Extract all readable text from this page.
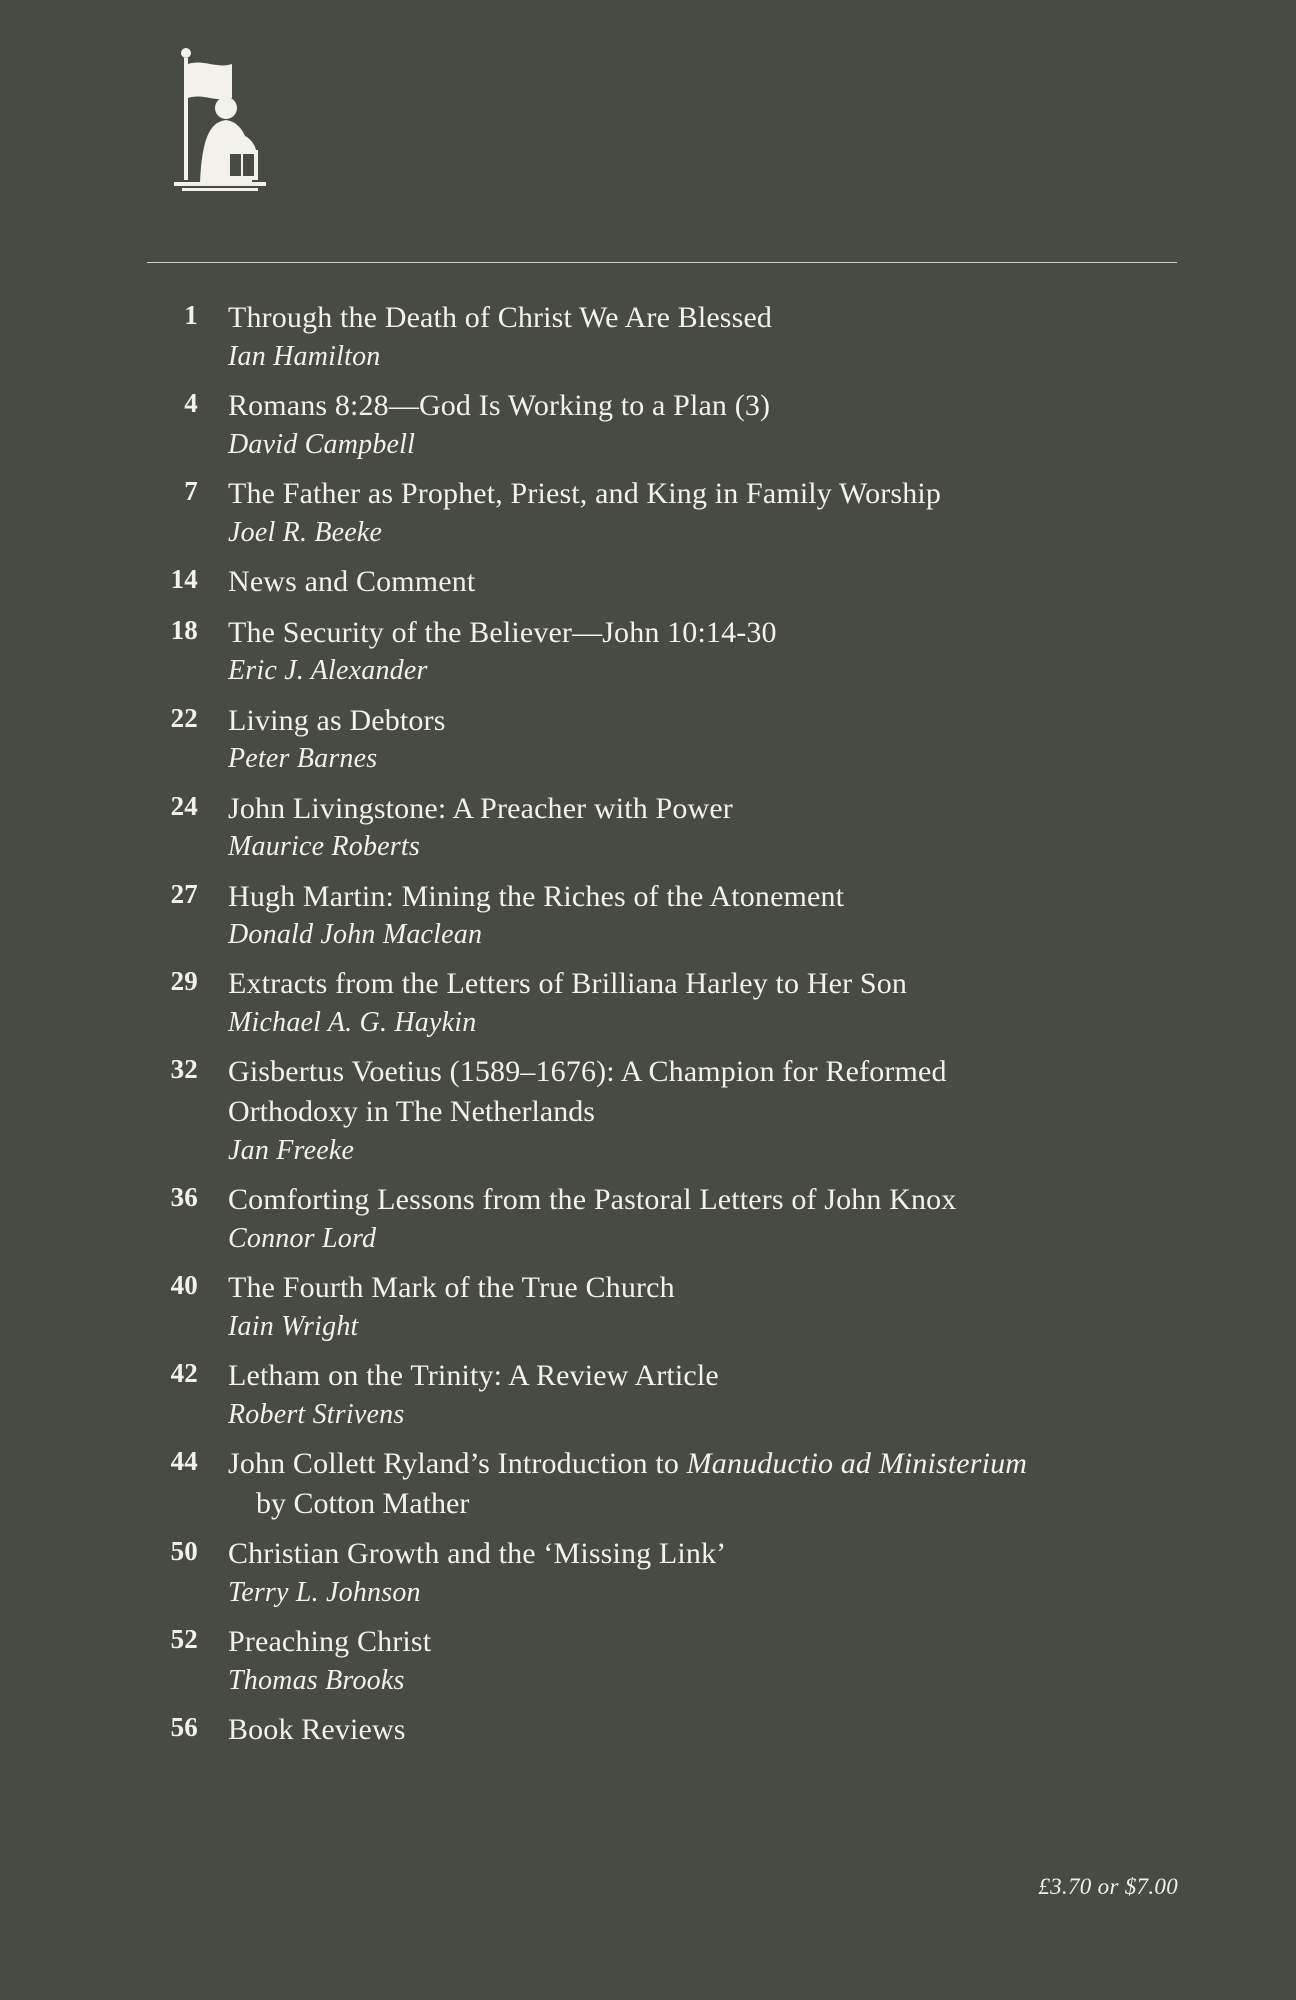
1 Through the Death of Christ We Are Blessed
Ian Hamilton
4 Romans 8:28—God Is Working to a Plan (3)
David Campbell
7 The Father as Prophet, Priest, and King in Family Worship
Joel R. Beeke
14 News and Comment
18 The Security of the Believer—John 10:14-30
Eric J. Alexander
22 Living as Debtors
Peter Barnes
24 John Livingstone: A Preacher with Power
Maurice Roberts
27 Hugh Martin: Mining the Riches of the Atonement
Donald John Maclean
29 Extracts from the Letters of Brilliana Harley to Her Son
Michael A. G. Haykin
32 Gisbertus Voetius (1589–1676): A Champion for Reformed
Orthodoxy in The Netherlands
Jan Freeke
36 Comforting Lessons from the Pastoral Letters of John Knox
Connor Lord
40 The Fourth Mark of the True Church
Iain Wright
42 Letham on the Trinity: A Review Article
Robert Strivens
44 John Collett Ryland’s Introduction to Manuductio ad Ministerium
by Cotton Mather
50 Christian Growth and the ‘Missing Link’
Terry L. Johnson
52 Preaching Christ
Thomas Brooks
56 Book Reviews
£3.70 or $7.00
